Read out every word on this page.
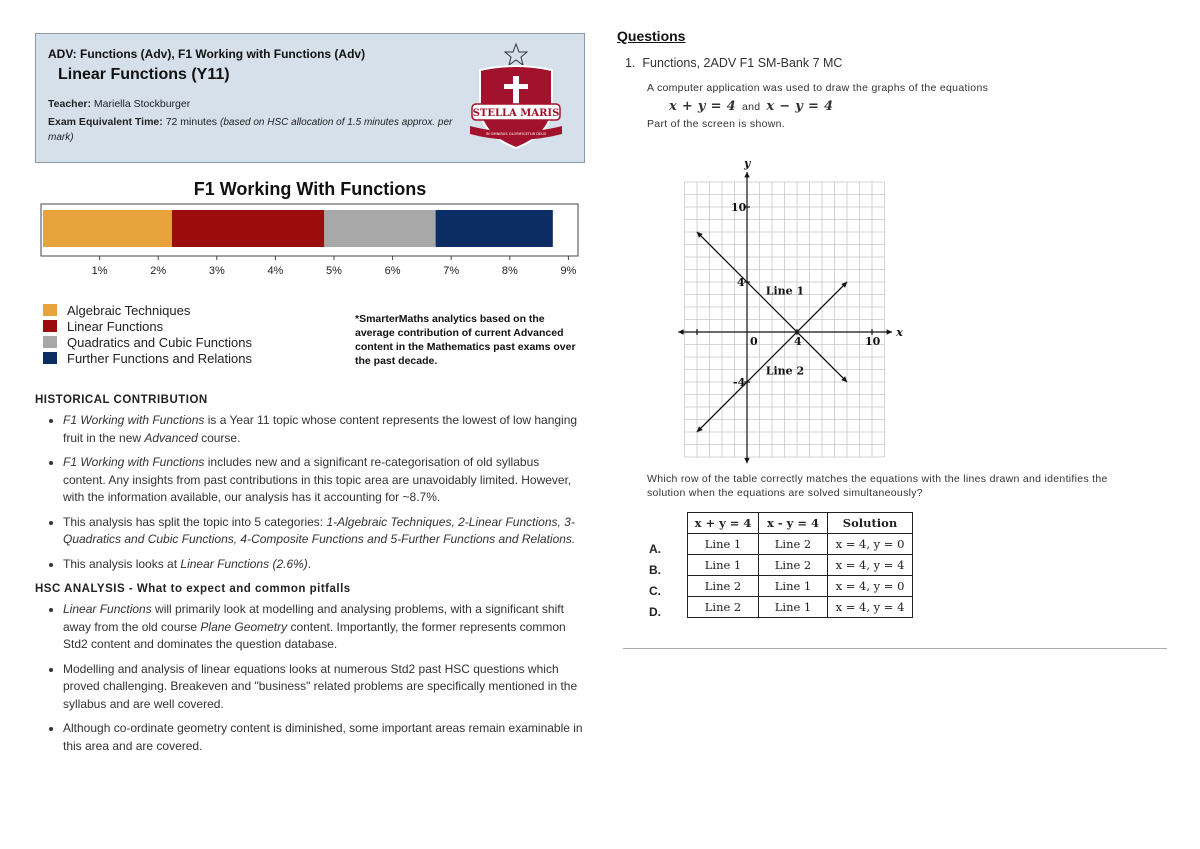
ADV: Functions (Adv), F1 Working with Functions (Adv)
Linear Functions (Y11)
Teacher: Mariella Stockburger
Exam Equivalent Time: 72 minutes (based on HSC allocation of 1.5 minutes approx. per mark)
STELLA MARIS
IN OMNIBUS GLORIFICETUR DEUS
F1 Working With Functions
1%	2%	3%	4%	5%	6%	7%	8%	9%
Algebraic Techniques
Linear Functions
Quadratics and Cubic Functions
Further Functions and Relations
*SmarterMaths analytics based on the average contribution of current Advanced content in the Mathematics past exams over the past decade.
HISTORICAL CONTRIBUTION
• F1 Working with Functions is a Year 11 topic whose content represents the lowest of low hanging fruit in the new Advanced course.
• F1 Working with Functions includes new and a significant re-categorisation of old syllabus content. Any insights from past contributions in this topic area are unavoidably limited. However, with the information available, our analysis has it accounting for ~8.7%.
• This analysis has split the topic into 5 categories: 1-Algebraic Techniques, 2-Linear Functions, 3-Quadratics and Cubic Functions, 4-Composite Functions and 5-Further Functions and Relations.
• This analysis looks at Linear Functions (2.6%).
HSC ANALYSIS - What to expect and common pitfalls
• Linear Functions will primarily look at modelling and analysing problems, with a significant shift away from the old course Plane Geometry content. Importantly, the former represents common Std2 content and dominates the question database.
• Modelling and analysis of linear equations looks at numerous Std2 past HSC questions which proved challenging. Breakeven and "business" related problems are specifically mentioned in the syllabus and are well covered.
• Although co-ordinate geometry content is diminished, some important areas remain examinable in this area and are covered.
Questions
1. Functions, 2ADV F1 SM-Bank 7 MC
A computer application was used to draw the graphs of the equations
x + y = 4 and x − y = 4
Part of the screen is shown.
y
x
10
4
-4
0	4	10
Line 1
Line 2
Which row of the table correctly matches the equations with the lines drawn and identifies the solution when the equations are solved simultaneously?
A.
B.
C.
D.
x + y = 4	x - y = 4	Solution
Line 1	Line 2	x = 4, y = 0
Line 1	Line 2	x = 4, y = 4
Line 2	Line 1	x = 4, y = 0
Line 2	Line 1	x = 4, y = 4
